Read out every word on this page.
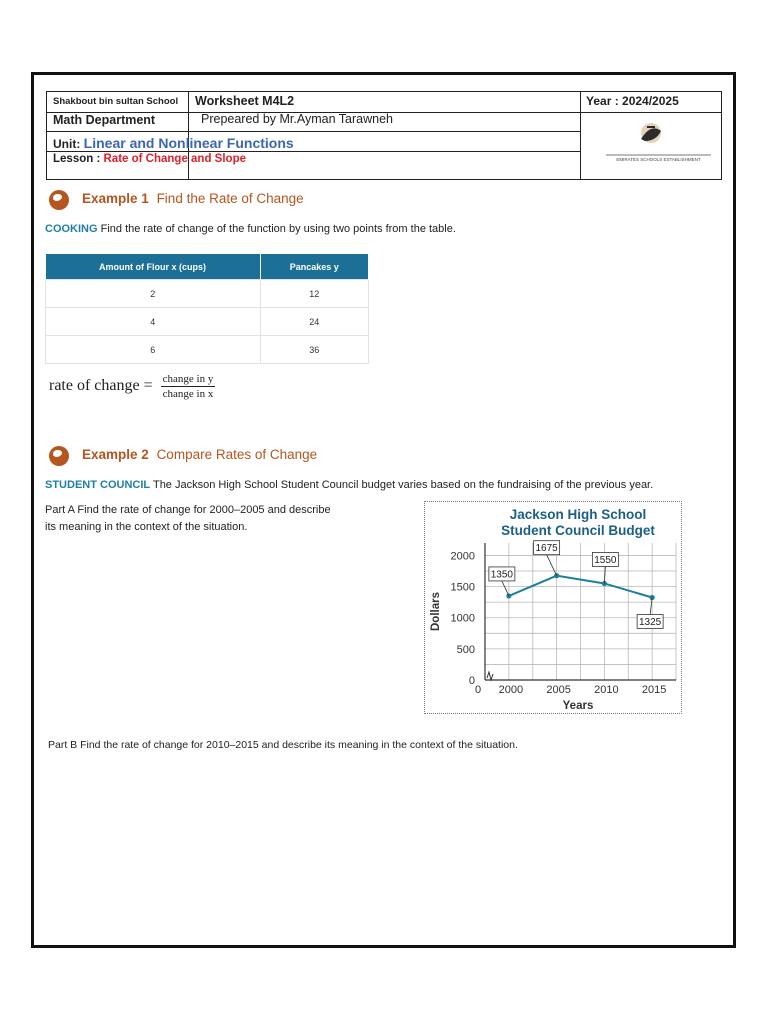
Shakbout bin sultan School
Math Department
Unit: Linear and Nonlinear Functions
Lesson : Rate of Change and Slope
Worksheet M4L2
Prepeared by Mr.Ayman Tarawneh
Year : 2024/2025
EMIRATES SCHOOLS ESTABLISHMENT
Example 1 Find the Rate of Change
COOKING Find the rate of change of the function by using two points from the table.
Amount of Flour x (cups)	Pancakes y
2	12
4	24
6	36
rate of change = $\frac{\text{change in y}}{\text{change in x}}$
Example 2 Compare Rates of Change
STUDENT COUNCIL The Jackson High School Student Council budget varies based on the fundraising of the previous year.
Part A Find the rate of change for 2000–2005 and describe
its meaning in the context of the situation.
Jackson High School
Student Council Budget
0
500
1000
1500
2000
0 2000 2005 2010 2015
Years
Dollars
1350
1675
1550
1325
Part B Find the rate of change for 2010–2015 and describe its meaning in the context of the situation.
